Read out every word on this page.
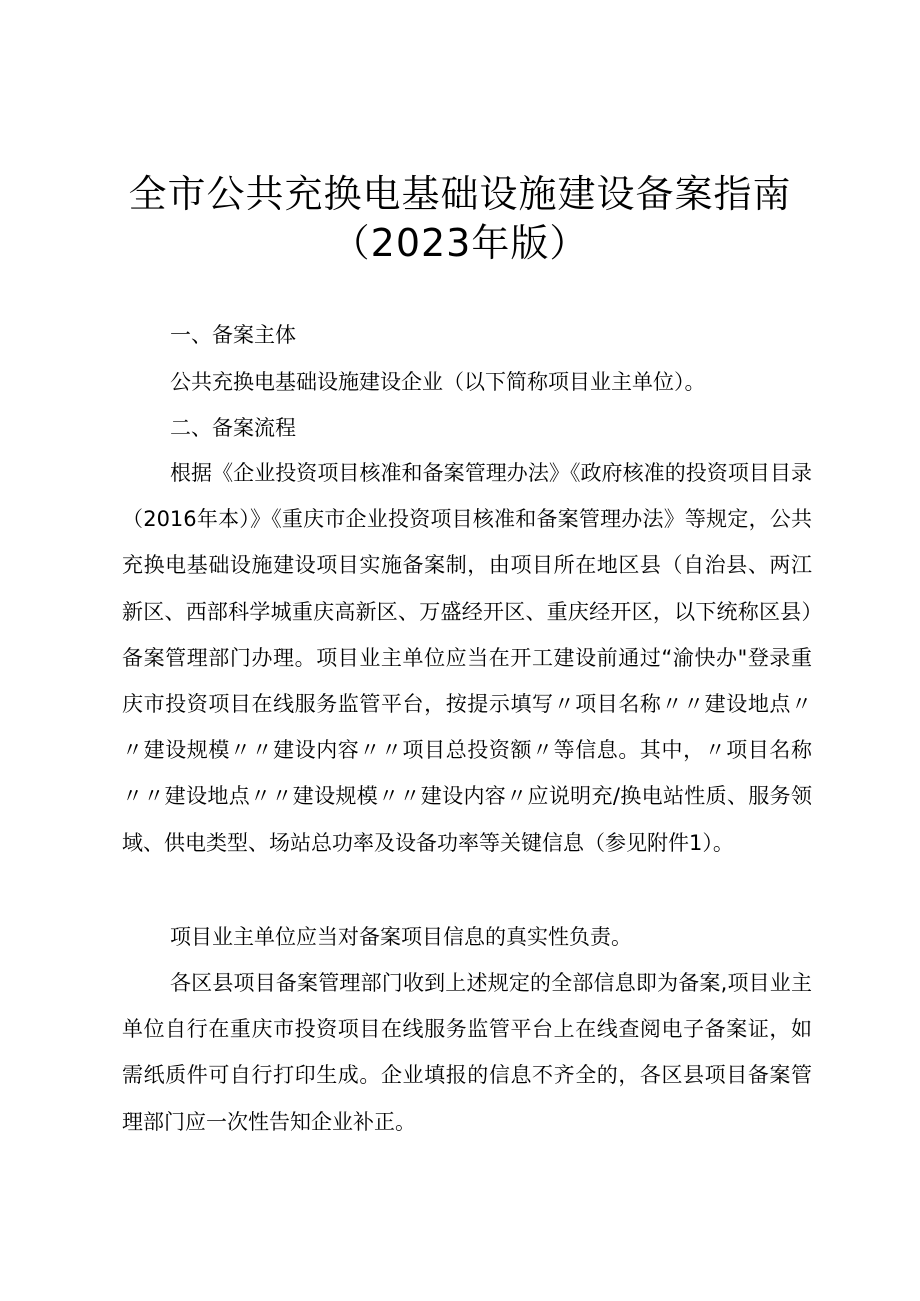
全市公共充换电基础设施建设备案指南
（2023年版）
一、备案主体
公共充换电基础设施建设企业（以下简称项目业主单位）。
二、备案流程
根据《企业投资项目核准和备案管理办法》《政府核准的投资项目目录（2016年本）》《重庆市企业投资项目核准和备案管理办法》等规定，公共充换电基础设施建设项目实施备案制，由项目所在地区县（自治县、两江新区、西部科学城重庆高新区、万盛经开区、重庆经开区，以下统称区县）备案管理部门办理。项目业主单位应当在开工建设前通过“渝快办"登录重庆市投资项目在线服务监管平台，按提示填写〃项目名称〃〃建设地点〃〃建设规模〃〃建设内容〃〃项目总投资额〃等信息。其中，〃项目名称〃〃建设地点〃〃建设规模〃〃建设内容〃应说明充/换电站性质、服务领域、供电类型、场站总功率及设备功率等关键信息（参见附件1）。
项目业主单位应当对备案项目信息的真实性负责。
各区县项目备案管理部门收到上述规定的全部信息即为备案,项目业主单位自行在重庆市投资项目在线服务监管平台上在线查阅电子备案证，如需纸质件可自行打印生成。企业填报的信息不齐全的，各区县项目备案管理部门应一次性告知企业补正。
